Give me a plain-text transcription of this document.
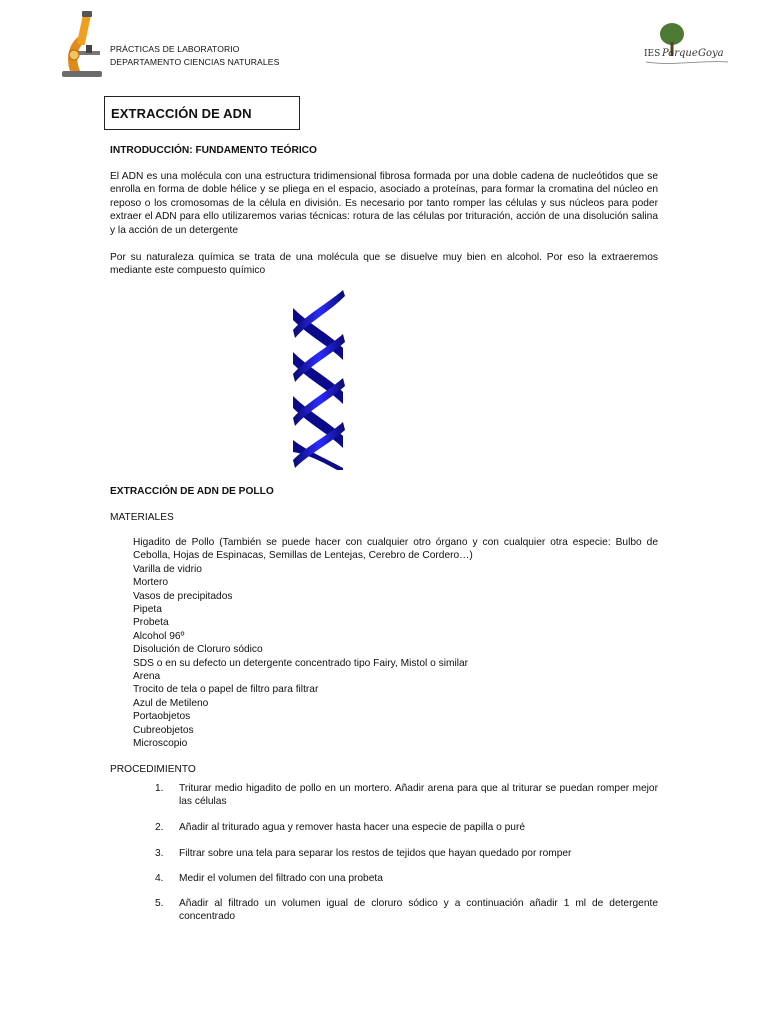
PRÁCTICAS DE LABORATORIO
DEPARTAMENTO CIENCIAS NATURALES
IES Parque Goya
EXTRACCIÓN DE ADN
INTRODUCCIÓN: FUNDAMENTO TEÓRICO
El ADN es una molécula con una estructura tridimensional fibrosa formada por una doble cadena de nucleótidos que se enrolla en forma de doble hélice y se pliega en el espacio, asociado a proteínas, para formar la cromatina del núcleo en reposo o los cromosomas de la célula en división. Es necesario por tanto romper las células y sus núcleos para poder extraer el ADN para ello utilizaremos varias técnicas: rotura de las células por trituración, acción de una disolución salina y la acción de un detergente
Por su naturaleza química se trata de una molécula que se disuelve muy bien en alcohol. Por eso la extraeremos mediante este compuesto químico
EXTRACCIÓN DE ADN DE POLLO
MATERIALES
Higadito de Pollo (También se puede hacer con cualquier otro órgano y con cualquier otra especie: Bulbo de Cebolla, Hojas de Espinacas, Semillas de Lentejas, Cerebro de Cordero…)
Varilla de vidrio
Mortero
Vasos de precipitados
Pipeta
Probeta
Alcohol 96º
Disolución de Cloruro sódico
SDS o en su defecto un detergente concentrado tipo Fairy, Mistol o similar
Arena
Trocito de tela o papel de filtro para filtrar
Azul de Metileno
Portaobjetos
Cubreobjetos
Microscopio
PROCEDIMIENTO
1.	Triturar medio higadito de pollo en un mortero. Añadir arena para que al triturar se puedan romper mejor las células
2.	Añadir al triturado agua y remover hasta hacer una especie de papilla o puré
3.	Filtrar sobre una tela para separar los restos de tejidos que hayan quedado por romper
4.	Medir el volumen del filtrado con una probeta
5.	Añadir al filtrado un volumen igual de cloruro sódico y a continuación añadir 1 ml de detergente concentrado
